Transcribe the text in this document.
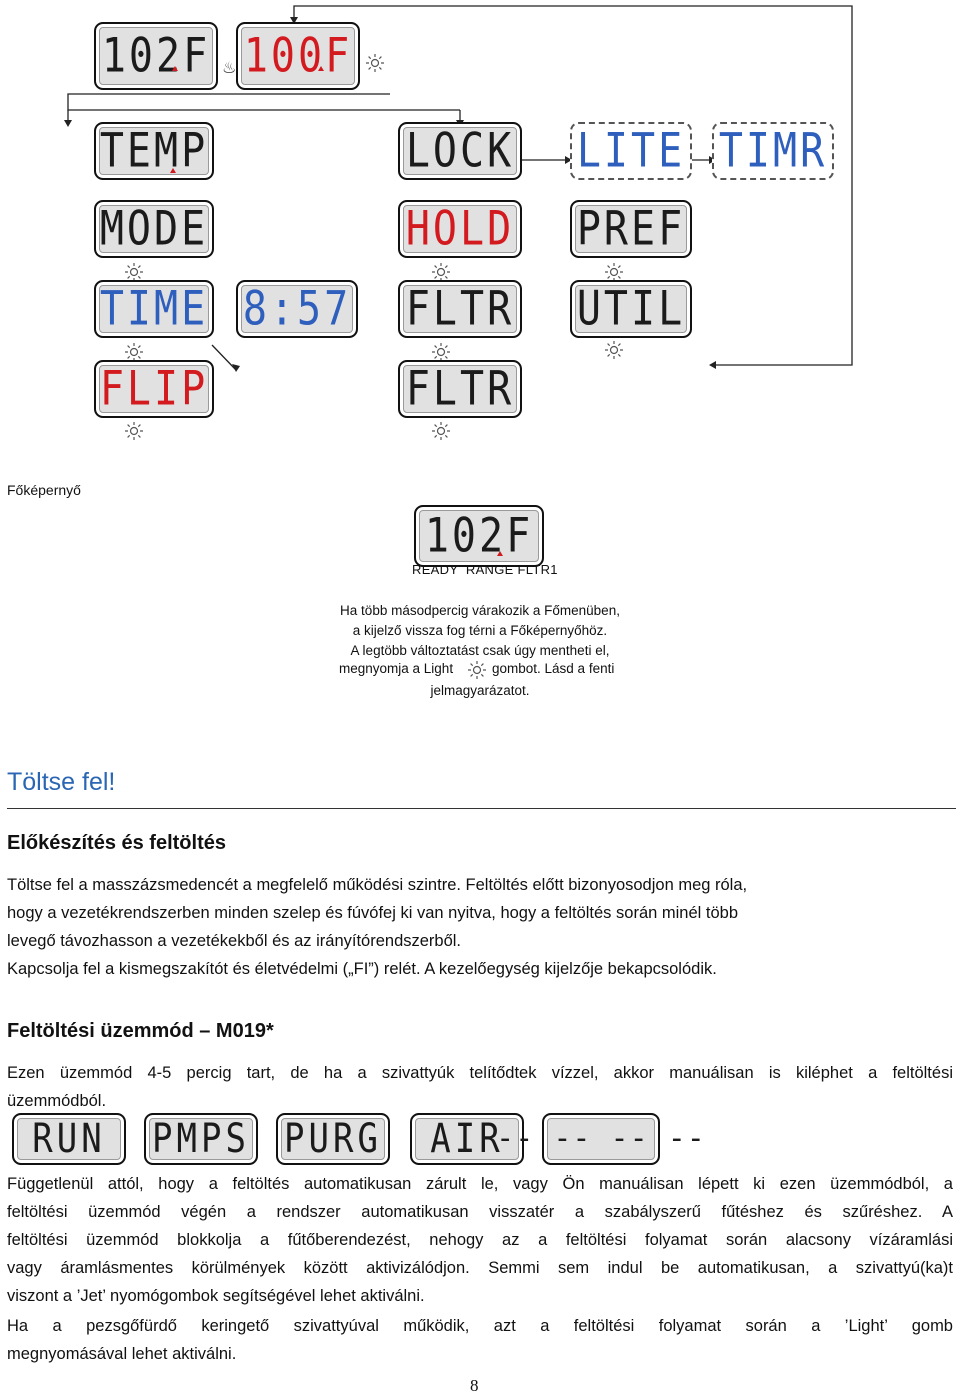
102F ♨ 100F
TEMP
MODE
TIME
FLIP
8:57
LOCK
HOLD
FLTR
FLTR
LITE TIMR
PREF
UTIL
Főképernyő
102F
READY  RANGE FLTR1
Ha több másodpercig várakozik a Főmenüben,
a kijelző vissza fog térni a Főképernyőhöz.
A legtöbb változtatást csak úgy mentheti el,
megnyomja a Light	gombot. Lásd a fenti
jelmagyarázatot.
Töltse fel!
Előkészítés és feltöltés
Töltse fel a masszázsmedencét a megfelelő működési szintre. Feltöltés előtt bizonyosodjon meg róla,
hogy a vezetékrendszerben minden szelep és fúvófej ki van nyitva, hogy a feltöltés során minél több
levegő távozhasson a vezetékekből és az irányítórendszerből.
Kapcsolja fel a kismegszakítót és életvédelmi („FI”) relét. A kezelőegység kijelzője bekapcsolódik.
Feltöltési üzemmód – M019*
Ezen üzemmód 4-5 percig tart, de ha a szivattyúk telítődtek vízzel, akkor manuálisan is kiléphet a feltöltési
üzemmódból.
RUN PMPS PURG AIR
-- -- -- --
Függetlenül attól, hogy a feltöltés automatikusan zárult le, vagy Ön manuálisan lépett ki ezen üzemmódból, a
feltöltési üzemmód végén a rendszer automatikusan visszatér a szabályszerű fűtéshez és szűréshez. A
feltöltési üzemmód blokkolja a fűtőberendezést, nehogy az a feltöltési folyamat során alacsony vízáramlási
vagy áramlásmentes körülmények között aktivizálódjon. Semmi sem indul be automatikusan, a szivattyú(ka)t
viszont a ’Jet’ nyomógombok segítségével lehet aktiválni.
Ha a pezsgőfürdő keringető szivattyúval működik, azt a feltöltési folyamat során a ’Light’ gomb
megnyomásával lehet aktiválni.
8
